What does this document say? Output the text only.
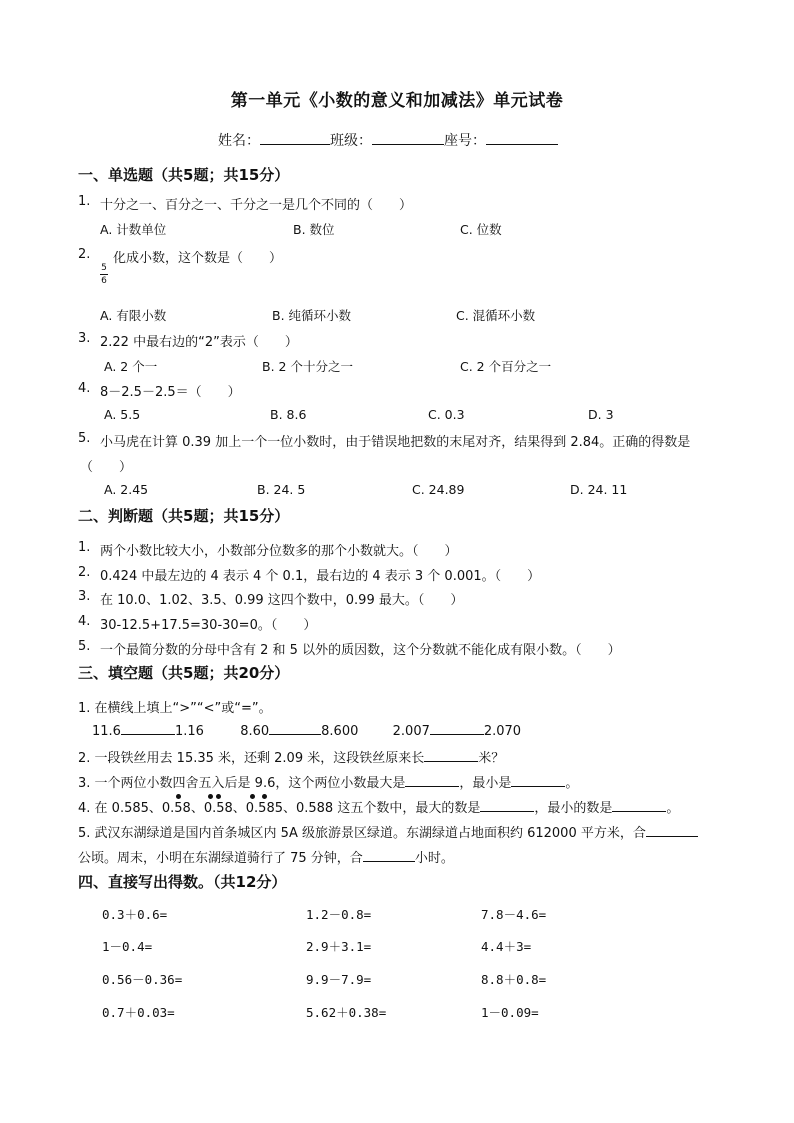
第一单元《小数的意义和加减法》单元试卷
姓名：	班级：	座号：
一、单选题（共5题；共15分）
1. 十分之一、百分之一、千分之一是几个不同的（　　）
A. 计数单位	B. 数位	C. 位数
2.
5
6
化成小数，这个数是（　　）
A. 有限小数	B. 纯循环小数	C. 混循环小数
3. 2.22 中最右边的“2”表示（　　）
A. 2 个一	B. 2 个十分之一	C. 2 个百分之一
4. 8－2.5－2.5＝（　　）
A. 5.5	B. 8.6	C. 0.3	D. 3
5. 小马虎在计算 0.39 加上一个一位小数时，由于错误地把数的末尾对齐，结果得到 2.84。正确的得数是
（　　）
A. 2.45	B. 24. 5	C. 24.89	D. 24. 11
二、判断题（共5题；共15分）
1. 两个小数比较大小，小数部分位数多的那个小数就大。（　　）
2. 0.424 中最左边的 4 表示 4 个 0.1，最右边的 4 表示 3 个 0.001。（　　）
3. 在 10.0、1.02、3.5、0.99 这四个数中，0.99 最大。（　　）
4. 30-12.5+17.5=30-30=0。（　　）
5. 一个最简分数的分母中含有 2 和 5 以外的质因数，这个分数就不能化成有限小数。（　　）
三、填空题（共5题；共20分）
1. 在横线上填上“>”“<”或“=”。
11.6	1.16	8.60	8.600	2.007	2.070
2. 一段铁丝用去 15.35 米，还剩 2.09 米，这段铁丝原来长	米？
3. 一个两位小数四舍五入后是 9.6，这个两位小数最大是	，最小是	。
4. 在 0.585、0.58、0.58、0.585、0.588 这五个数中，最大的数是	，最小的数是	。
5. 武汉东湖绿道是国内首条城区内 5A 级旅游景区绿道。东湖绿道占地面积约 612000 平方米，合
公顷。周末，小明在东湖绿道骑行了 75 分钟，合	小时。
四、直接写出得数。（共12分）
0.3＋0.6=	1.2－0.8=	7.8－4.6=
1－0.4=	2.9＋3.1=	4.4＋3=
0.56－0.36=	9.9－7.9=	8.8＋0.8=
0.7＋0.03=	5.62＋0.38=	1－0.09=
